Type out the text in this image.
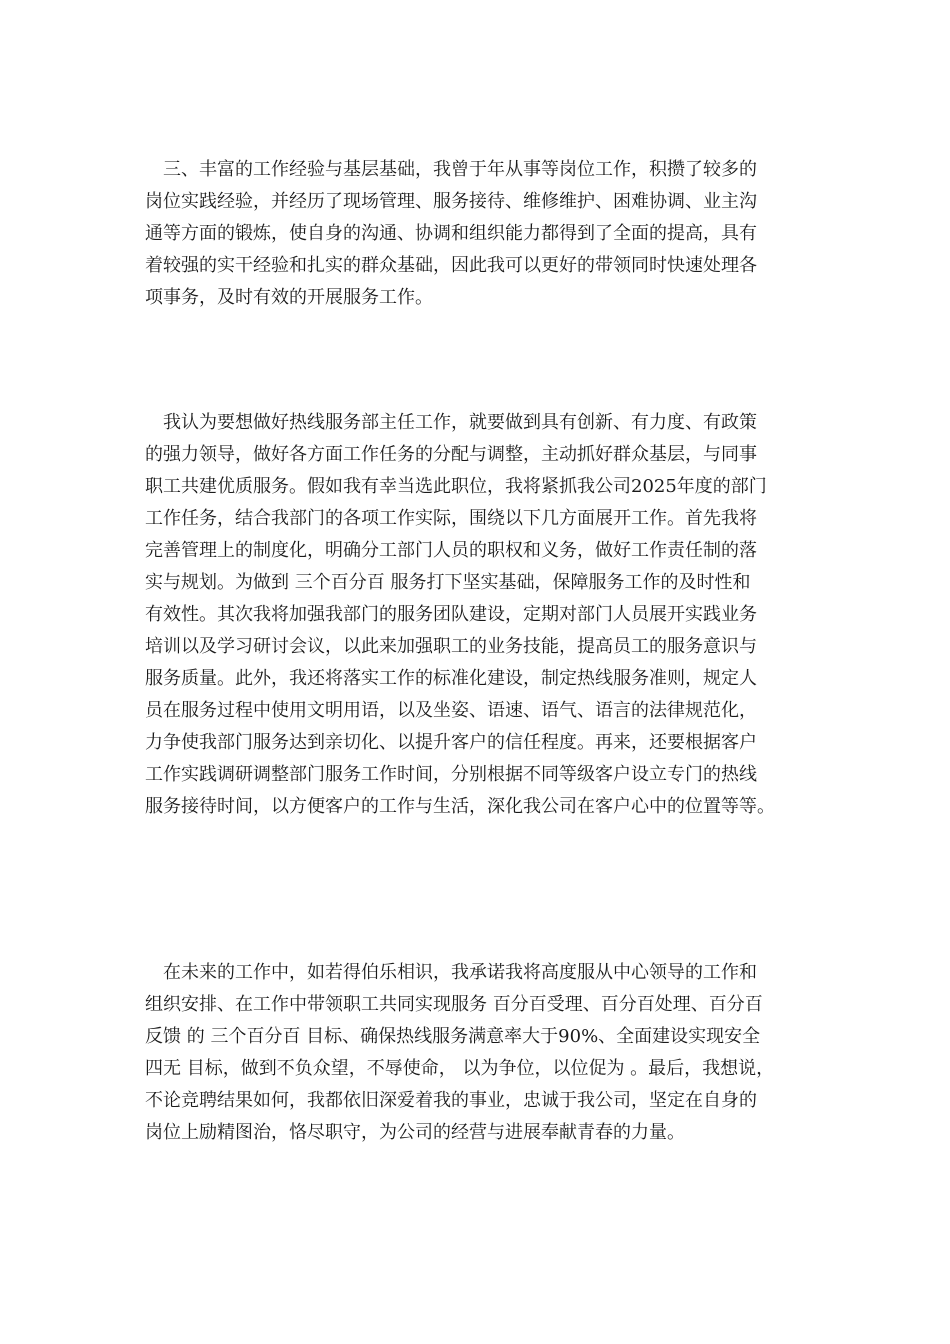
　三、丰富的工作经验与基层基础，我曾于年从事等岗位工作，积攒了较多的
岗位实践经验，并经历了现场管理、服务接待、维修维护、困难协调、业主沟
通等方面的锻炼，使自身的沟通、协调和组织能力都得到了全面的提高，具有
着较强的实干经验和扎实的群众基础，因此我可以更好的带领同时快速处理各
项事务，及时有效的开展服务工作。
　我认为要想做好热线服务部主任工作，就要做到具有创新、有力度、有政策
的强力领导，做好各方面工作任务的分配与调整，主动抓好群众基层，与同事
职工共建优质服务。假如我有幸当选此职位，我将紧抓我公司2025年度的部门
工作任务，结合我部门的各项工作实际，围绕以下几方面展开工作。首先我将
完善管理上的制度化，明确分工部门人员的职权和义务，做好工作责任制的落
实与规划。为做到 三个百分百 服务打下坚实基础，保障服务工作的及时性和
有效性。其次我将加强我部门的服务团队建设，定期对部门人员展开实践业务
培训以及学习研讨会议，以此来加强职工的业务技能，提高员工的服务意识与
服务质量。此外，我还将落实工作的标准化建设，制定热线服务准则，规定人
员在服务过程中使用文明用语，以及坐姿、语速、语气、语言的法律规范化，
力争使我部门服务达到亲切化、以提升客户的信任程度。再来，还要根据客户
工作实践调研调整部门服务工作时间，分别根据不同等级客户设立专门的热线
服务接待时间，以方便客户的工作与生活，深化我公司在客户心中的位置等等。
　在未来的工作中，如若得伯乐相识，我承诺我将高度服从中心领导的工作和
组织安排、在工作中带领职工共同实现服务 百分百受理、百分百处理、百分百
反馈 的 三个百分百 目标、确保热线服务满意率大于90%、全面建设实现安全
四无 目标，做到不负众望，不辱使命， 以为争位，以位促为 。最后，我想说，
不论竞聘结果如何，我都依旧深爱着我的事业，忠诚于我公司，坚定在自身的
岗位上励精图治，恪尽职守，为公司的经营与进展奉献青春的力量。
